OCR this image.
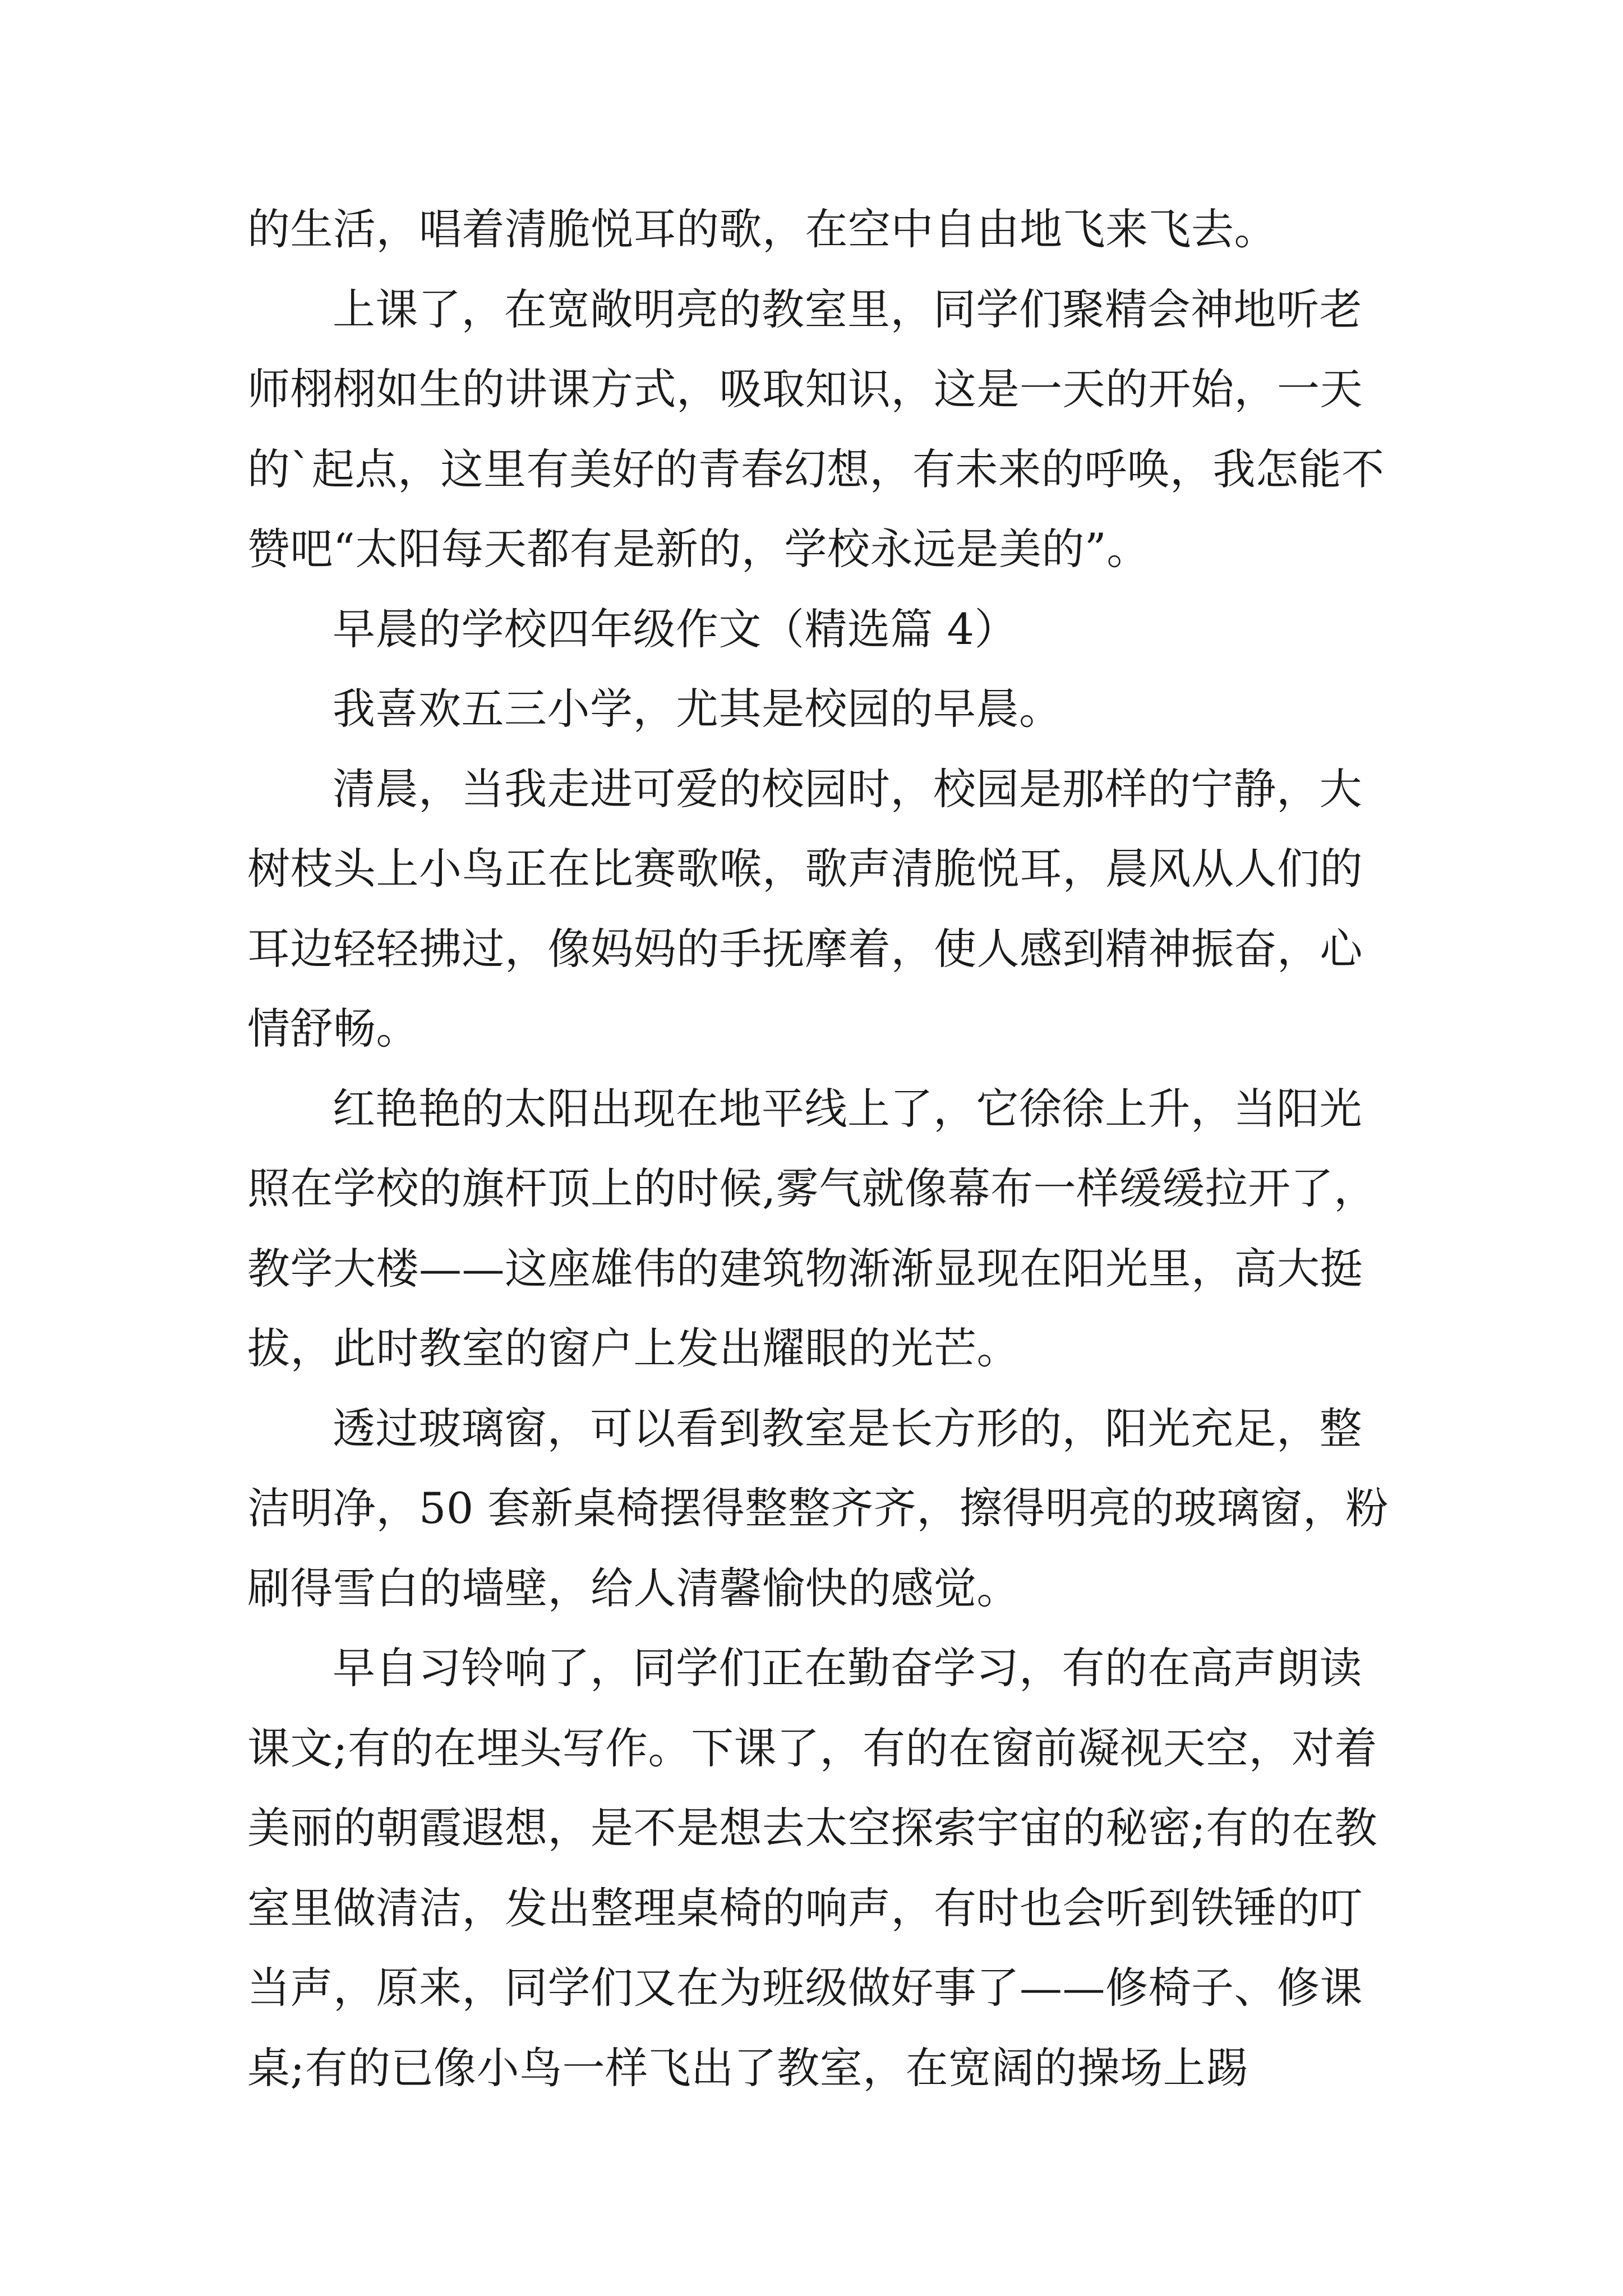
的生活，唱着清脆悦耳的歌，在空中自由地飞来飞去。

上课了，在宽敞明亮的教室里，同学们聚精会神地听老师栩栩如生的讲课方式，吸取知识，这是一天的开始，一天的`起点，这里有美好的青春幻想，有未来的呼唤，我怎能不赞吧“太阳每天都有是新的，学校永远是美的”。

早晨的学校四年级作文（精选篇 4）

我喜欢五三小学，尤其是校园的早晨。

清晨，当我走进可爱的校园时，校园是那样的宁静，大树枝头上小鸟正在比赛歌喉，歌声清脆悦耳，晨风从人们的耳边轻轻拂过，像妈妈的手抚摩着，使人感到精神振奋，心情舒畅。

红艳艳的太阳出现在地平线上了，它徐徐上升，当阳光照在学校的旗杆顶上的时候,雾气就像幕布一样缓缓拉开了，教学大楼——这座雄伟的建筑物渐渐显现在阳光里，高大挺拔，此时教室的窗户上发出耀眼的光芒。

透过玻璃窗，可以看到教室是长方形的，阳光充足，整洁明净，50 套新桌椅摆得整整齐齐，擦得明亮的玻璃窗，粉刷得雪白的墙壁，给人清馨愉快的感觉。

早自习铃响了，同学们正在勤奋学习，有的在高声朗读课文;有的在埋头写作。下课了，有的在窗前凝视天空，对着美丽的朝霞遐想，是不是想去太空探索宇宙的秘密;有的在教室里做清洁，发出整理桌椅的响声，有时也会听到铁锤的叮当声，原来，同学们又在为班级做好事了——修椅子、修课桌;有的已像小鸟一样飞出了教室，在宽阔的操场上踢
